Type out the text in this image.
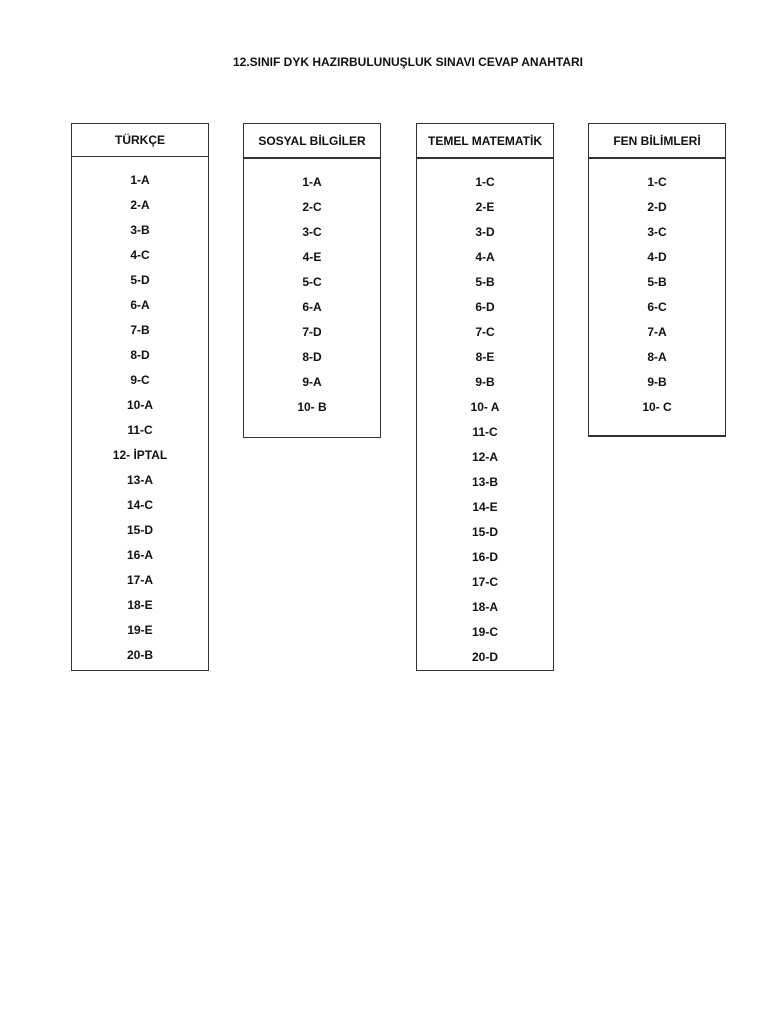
12.SINIF DYK HAZIRBULUNUŞLUK SINAVI CEVAP ANAHTARI
TÜRKÇE
1-A
2-A
3-B
4-C
5-D
6-A
7-B
8-D
9-C
10-A
11-C
12- İPTAL
13-A
14-C
15-D
16-A
17-A
18-E
19-E
20-B
SOSYAL BİLGİLER
1-A
2-C
3-C
4-E
5-C
6-A
7-D
8-D
9-A
10- B
TEMEL MATEMATİK
1-C
2-E
3-D
4-A
5-B
6-D
7-C
8-E
9-B
10- A
11-C
12-A
13-B
14-E
15-D
16-D
17-C
18-A
19-C
20-D
FEN BİLİMLERİ
1-C
2-D
3-C
4-D
5-B
6-C
7-A
8-A
9-B
10- C
